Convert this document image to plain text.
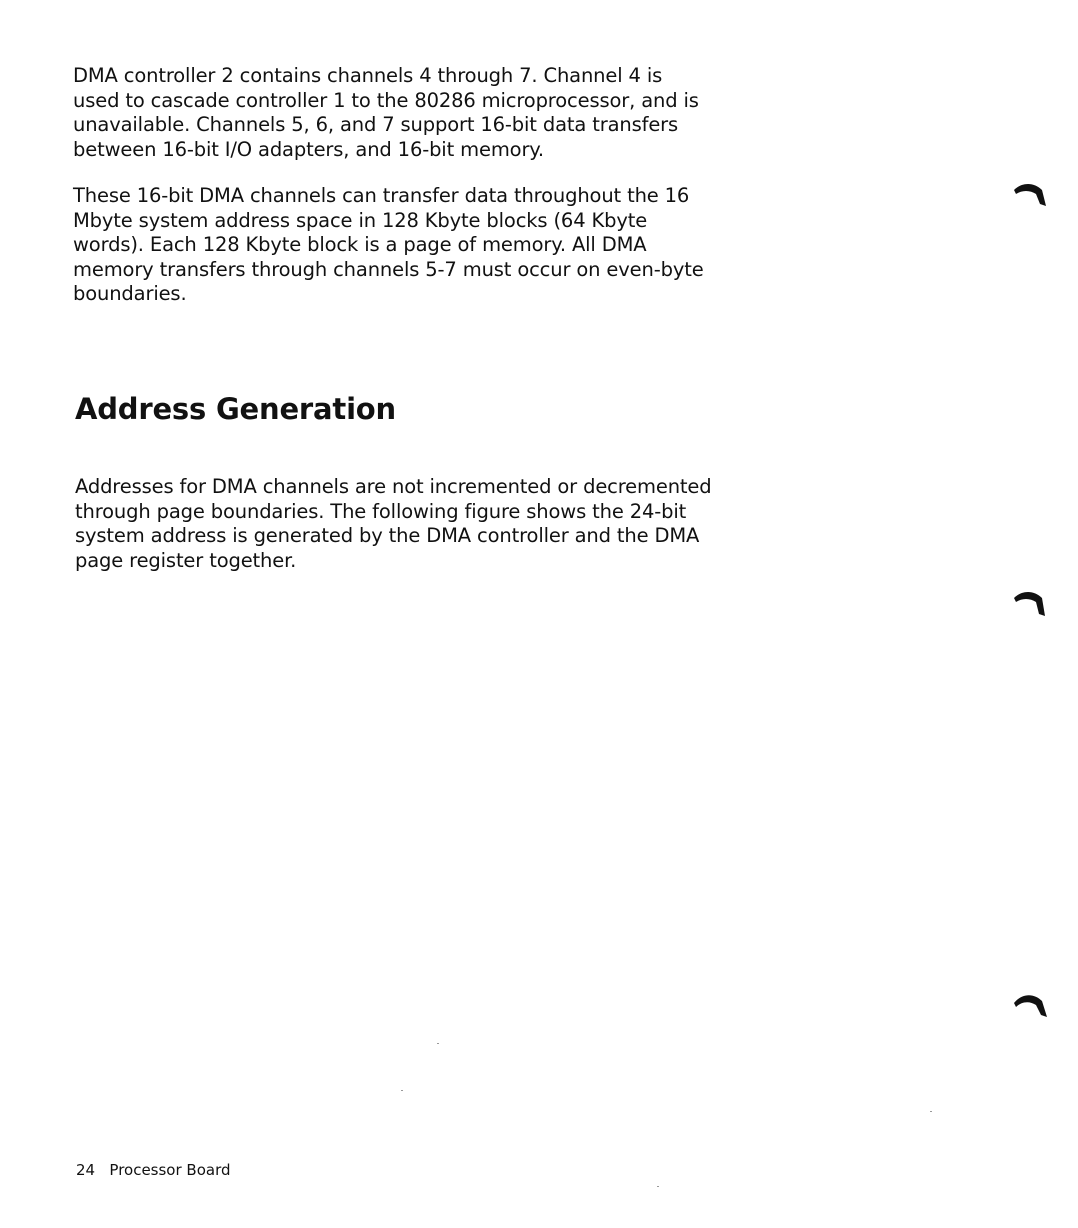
DMA controller 2 contains channels 4 through 7. Channel 4 is
used to cascade controller 1 to the 80286 microprocessor, and is
unavailable. Channels 5, 6, and 7 support 16-bit data transfers
between 16-bit I/O adapters, and 16-bit memory.
These 16-bit DMA channels can transfer data throughout the 16
Mbyte system address space in 128 Kbyte blocks (64 Kbyte
words). Each 128 Kbyte block is a page of memory. All DMA
memory transfers through channels 5-7 must occur on even-byte
boundaries.
Address Generation
Addresses for DMA channels are not incremented or decremented
through page boundaries. The following figure shows the 24-bit
system address is generated by the DMA controller and the DMA
page register together.
24 Processor Board
